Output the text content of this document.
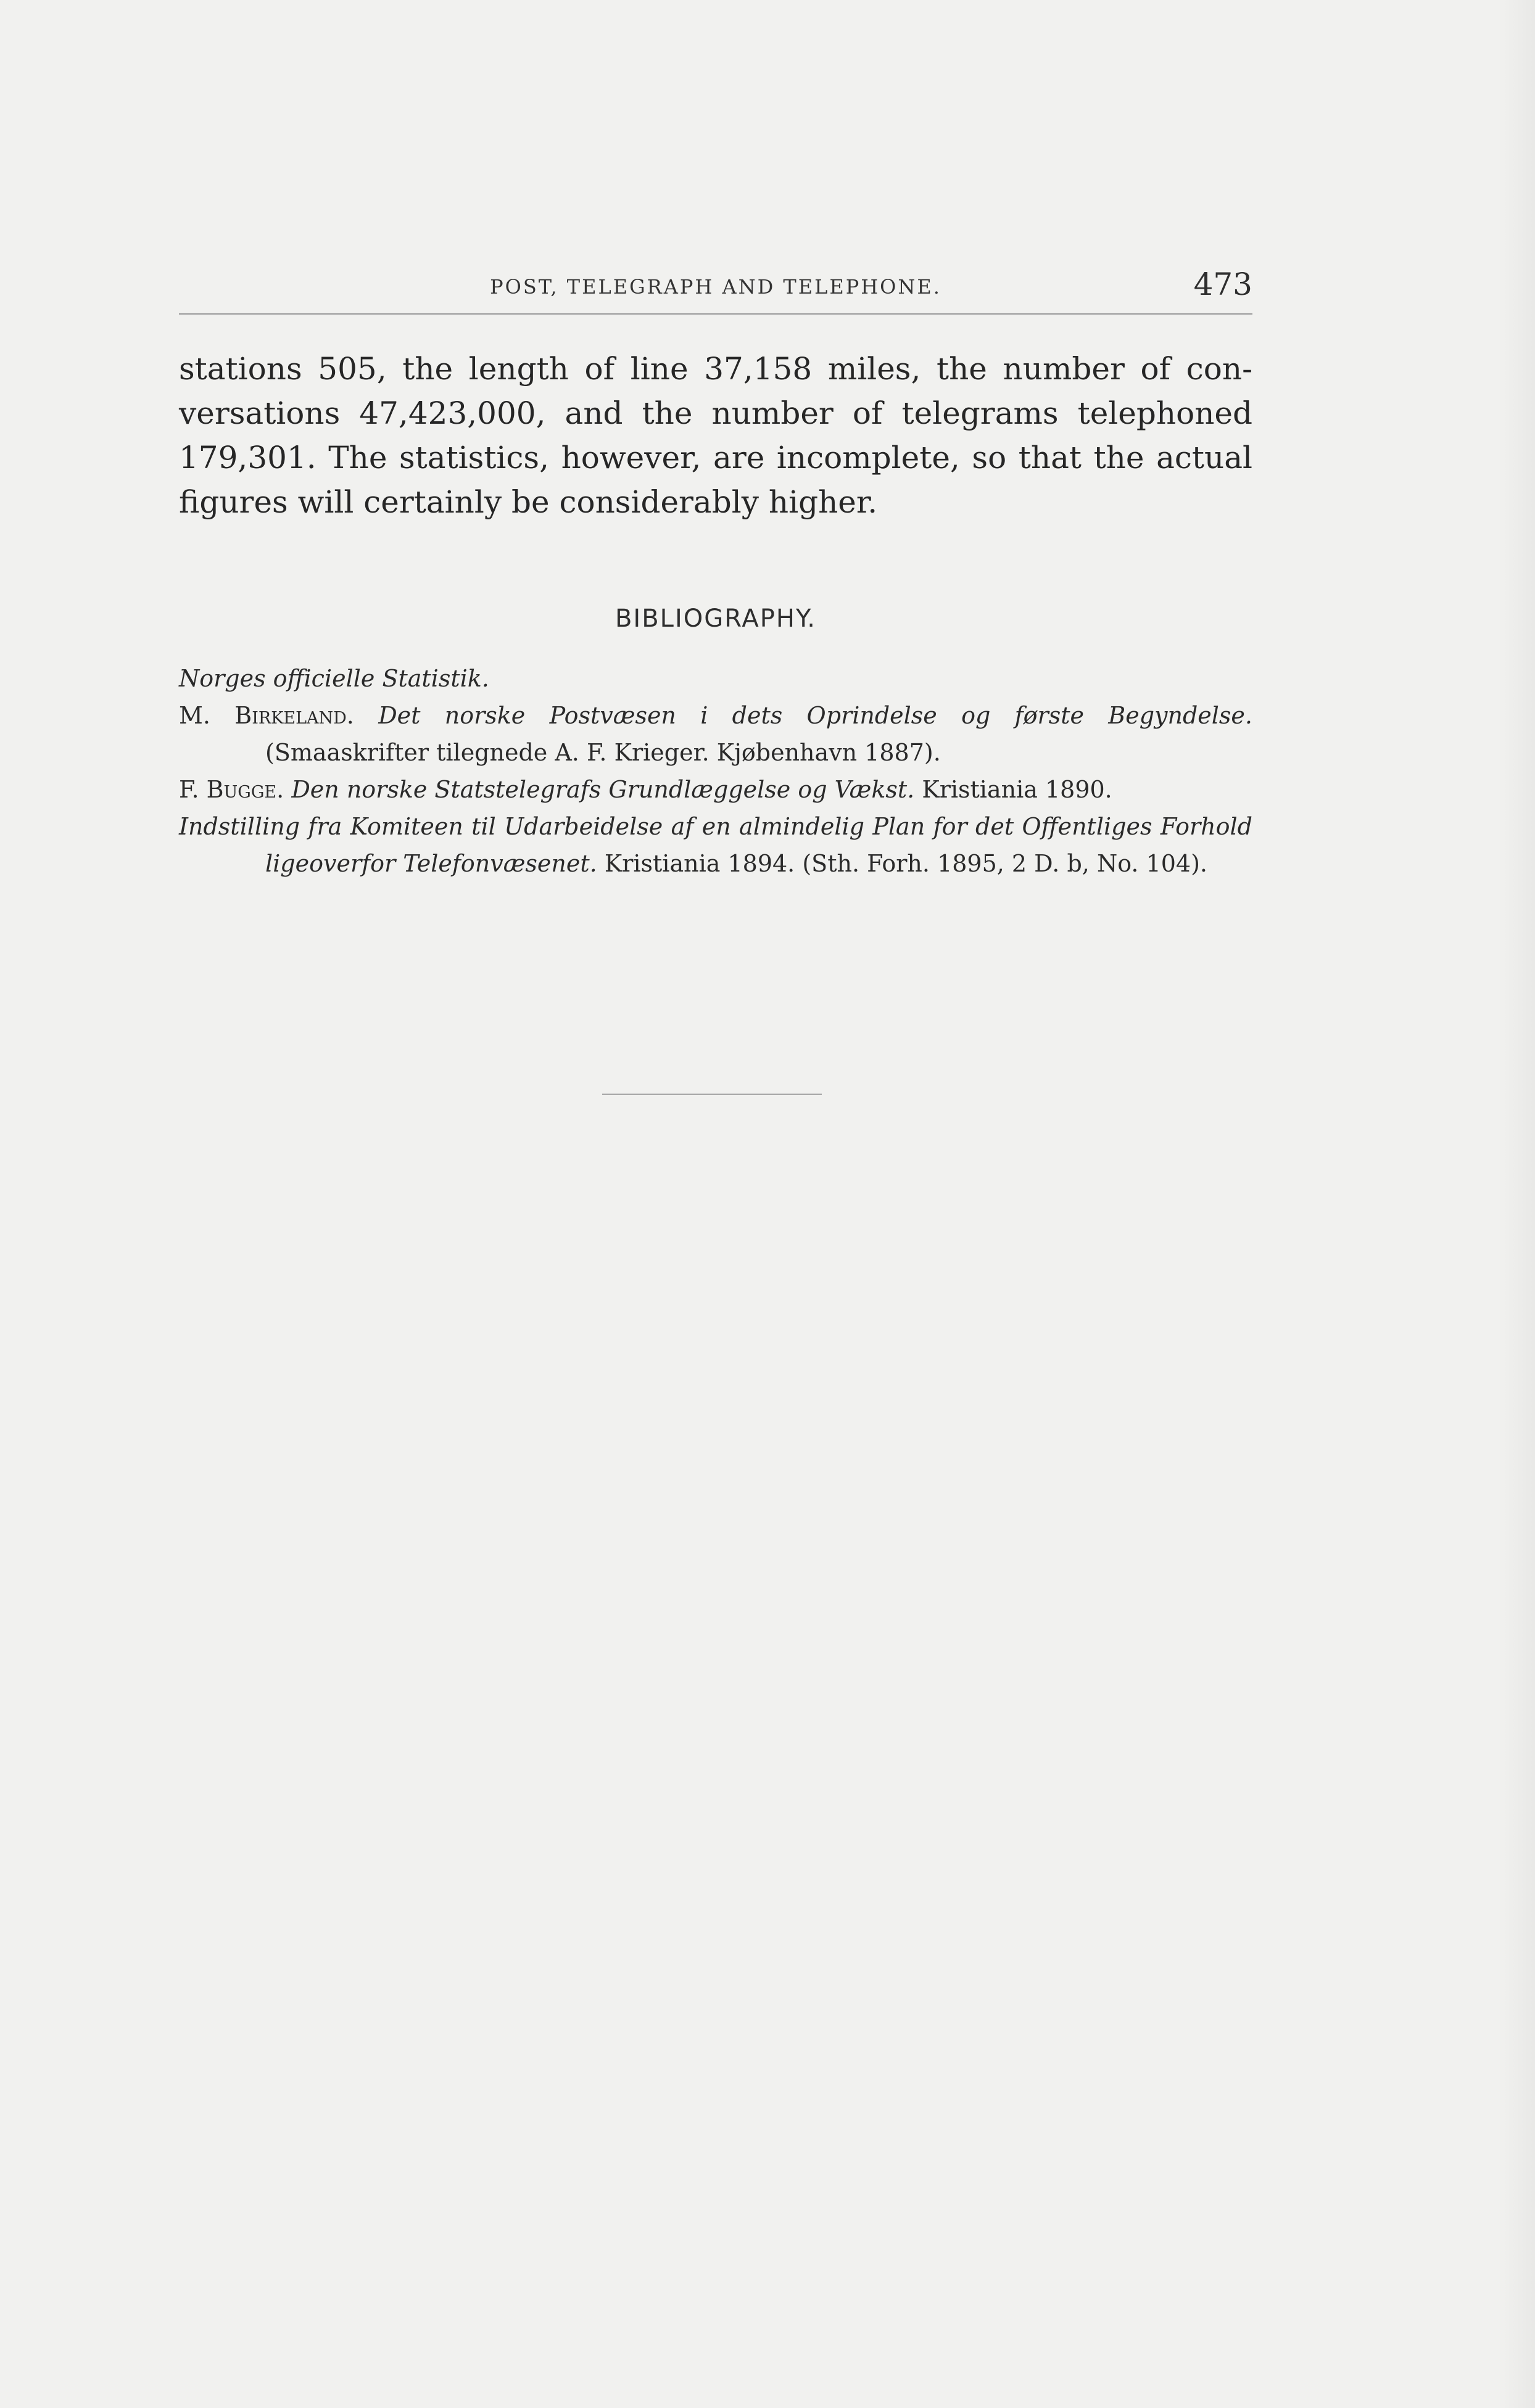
POST, TELEGRAPH AND TELEPHONE.	473

stations 505, the length of line 37,158 miles, the number of conversations 47,423,000, and the number of telegrams telephoned 179,301. The statistics, however, are incomplete, so that the actual figures will certainly be considerably higher.

BIBLIOGRAPHY.
Norges officielle Statistik.
M. Birkeland. Det norske Postvæsen i dets Oprindelse og første Begyndelse. (Smaaskrifter tilegnede A. F. Krieger. Kjøbenhavn 1887).
F. Bugge. Den norske Statstelegrafs Grundlæggelse og Vækst. Kristiania 1890.
Indstilling fra Komiteen til Udarbeidelse af en almindelig Plan for det Offentliges Forhold ligeoverfor Telefonvæsenet. Kristiania 1894. (Sth. Forh. 1895, 2 D. b, No. 104).
